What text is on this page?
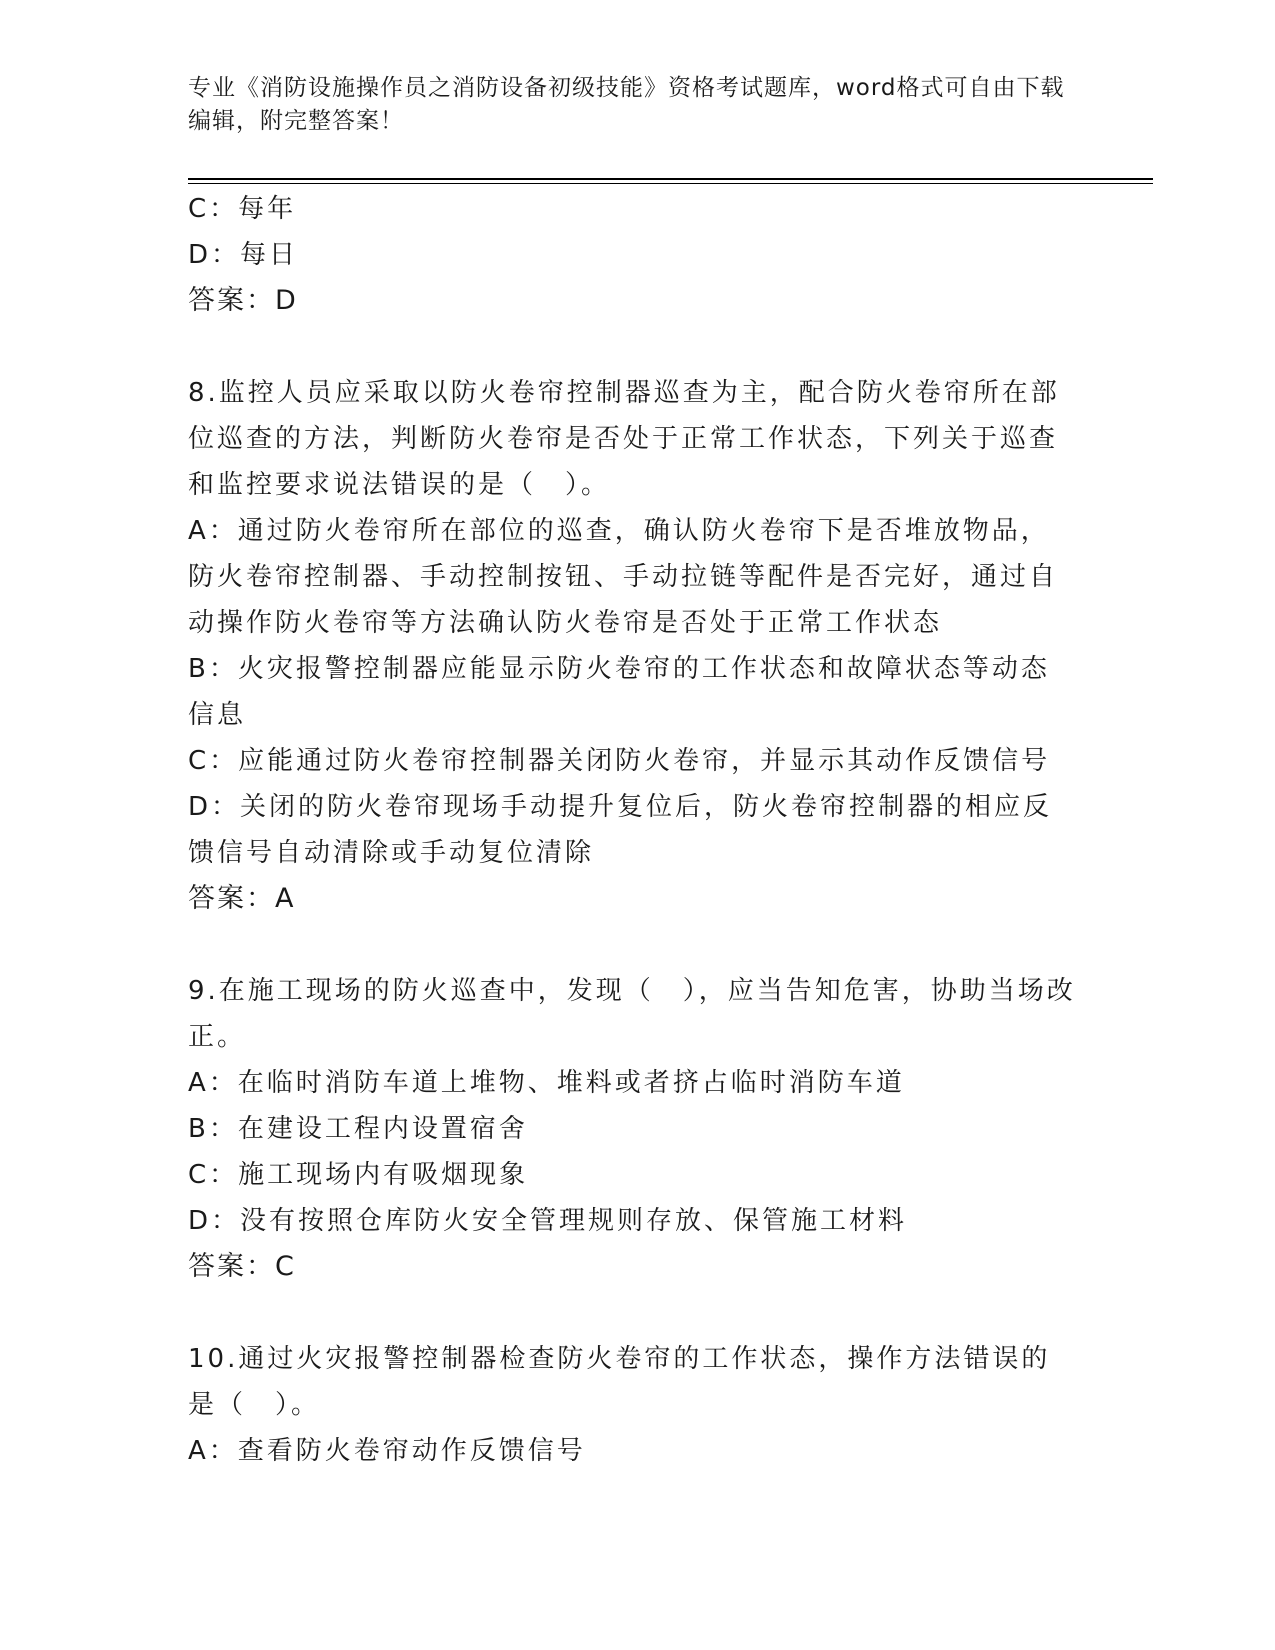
专业《消防设施操作员之消防设备初级技能》资格考试题库，word格式可自由下载编辑，附完整答案！
C：每年
D：每日
答案：D
8.监控人员应采取以防火卷帘控制器巡查为主，配合防火卷帘所在部位巡查的方法，判断防火卷帘是否处于正常工作状态，下列关于巡查和监控要求说法错误的是（　）。
A：通过防火卷帘所在部位的巡查，确认防火卷帘下是否堆放物品，防火卷帘控制器、手动控制按钮、手动拉链等配件是否完好，通过自动操作防火卷帘等方法确认防火卷帘是否处于正常工作状态
B：火灾报警控制器应能显示防火卷帘的工作状态和故障状态等动态信息
C：应能通过防火卷帘控制器关闭防火卷帘，并显示其动作反馈信号
D：关闭的防火卷帘现场手动提升复位后，防火卷帘控制器的相应反馈信号自动清除或手动复位清除
答案：A
9.在施工现场的防火巡查中，发现（　），应当告知危害，协助当场改正。
A：在临时消防车道上堆物、堆料或者挤占临时消防车道
B：在建设工程内设置宿舍
C：施工现场内有吸烟现象
D：没有按照仓库防火安全管理规则存放、保管施工材料
答案：C
10.通过火灾报警控制器检查防火卷帘的工作状态，操作方法错误的是（　）。
A：查看防火卷帘动作反馈信号
